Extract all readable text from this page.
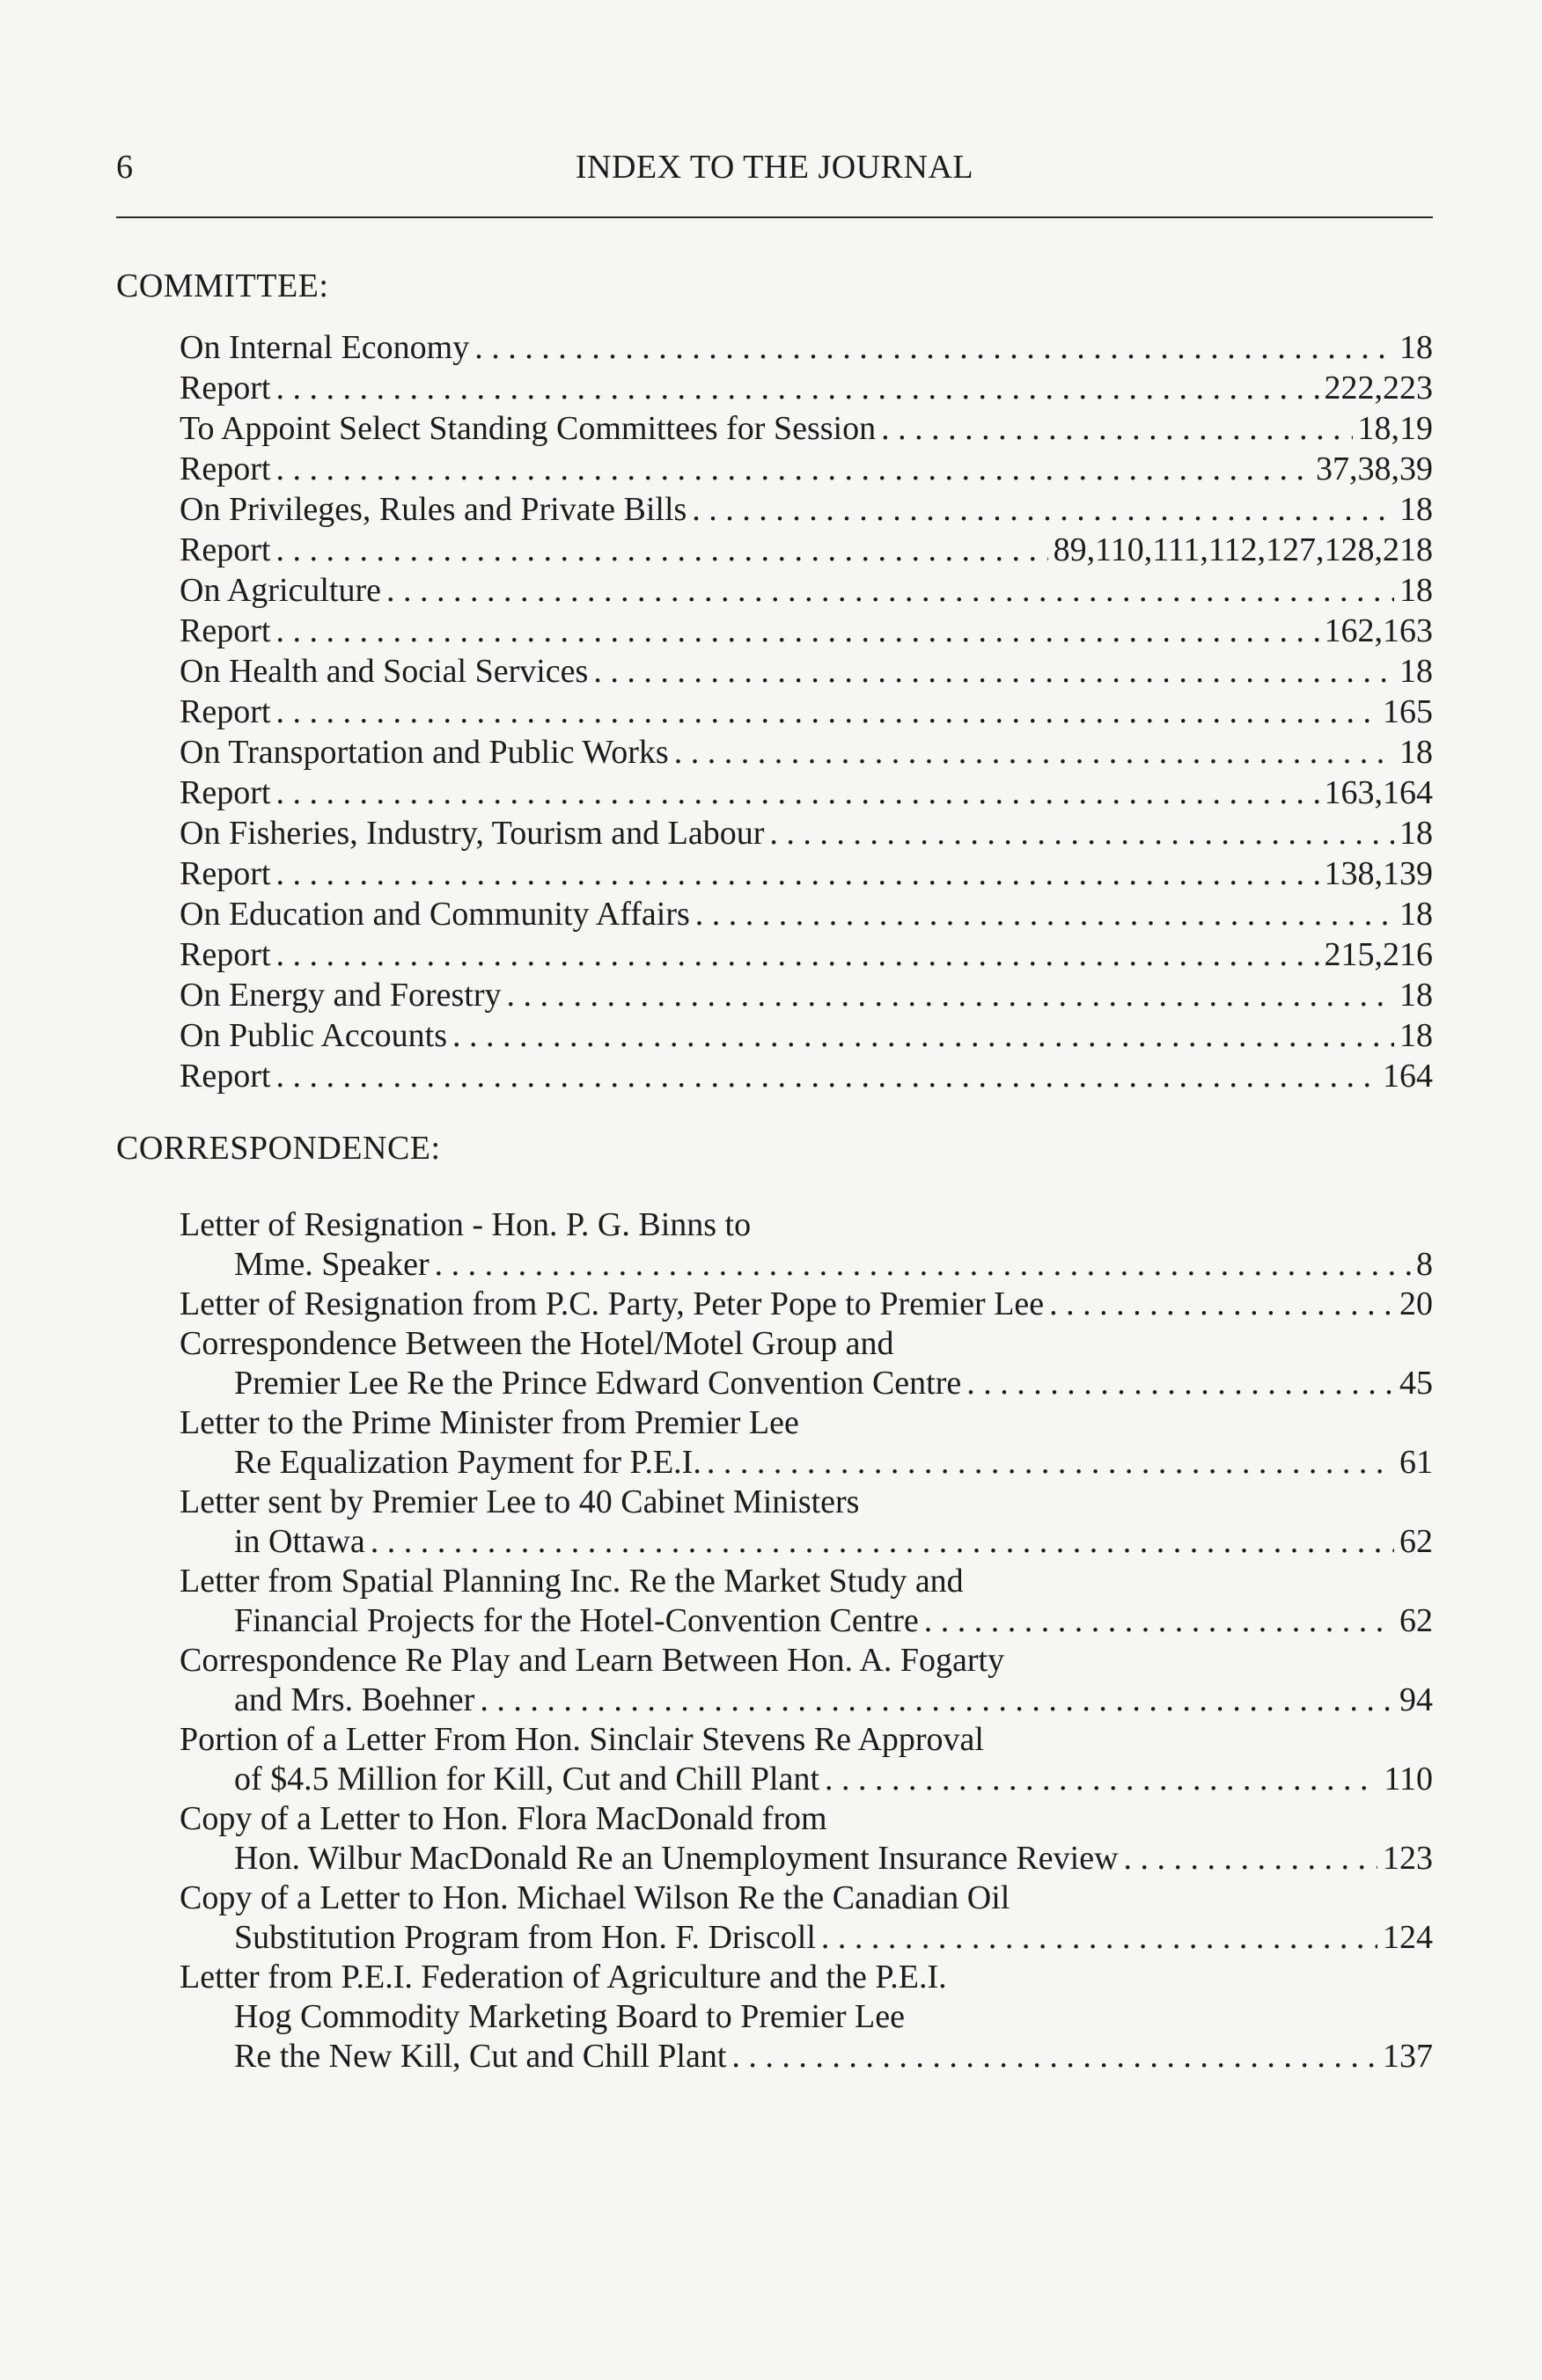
6	INDEX TO THE JOURNAL
COMMITTEE:
On Internal Economy . . .	18
Report . . .	222,223
To Appoint Select Standing Committees for Session . . .	18,19
Report . . .	37,38,39
On Privileges, Rules and Private Bills . . .	18
Report . . .	89,110,111,112,127,128,218
On Agriculture . . .	18
Report . . .	162,163
On Health and Social Services . . .	18
Report . . .	165
On Transportation and Public Works . . .	18
Report . . .	163,164
On Fisheries, Industry, Tourism and Labour . . .	18
Report . . .	138,139
On Education and Community Affairs . . .	18
Report . . .	215,216
On Energy and Forestry . . .	18
On Public Accounts . . .	18
Report . . .	164
CORRESPONDENCE:
Letter of Resignation - Hon. P. G. Binns to
Mme. Speaker . . .	8
Letter of Resignation from P.C. Party, Peter Pope to Premier Lee . . .	20
Correspondence Between the Hotel/Motel Group and
Premier Lee Re the Prince Edward Convention Centre . . .	45
Letter to the Prime Minister from Premier Lee
Re Equalization Payment for P.E.I. . . .	61
Letter sent by Premier Lee to 40 Cabinet Ministers
in Ottawa . . .	62
Letter from Spatial Planning Inc. Re the Market Study and
Financial Projects for the Hotel-Convention Centre . . .	62
Correspondence Re Play and Learn Between Hon. A. Fogarty
and Mrs. Boehner . . .	94
Portion of a Letter From Hon. Sinclair Stevens Re Approval
of $4.5 Million for Kill, Cut and Chill Plant . . .	110
Copy of a Letter to Hon. Flora MacDonald from
Hon. Wilbur MacDonald Re an Unemployment Insurance Review . . .	123
Copy of a Letter to Hon. Michael Wilson Re the Canadian Oil
Substitution Program from Hon. F. Driscoll . . .	124
Letter from P.E.I. Federation of Agriculture and the P.E.I.
Hog Commodity Marketing Board to Premier Lee
Re the New Kill, Cut and Chill Plant . . .	137
